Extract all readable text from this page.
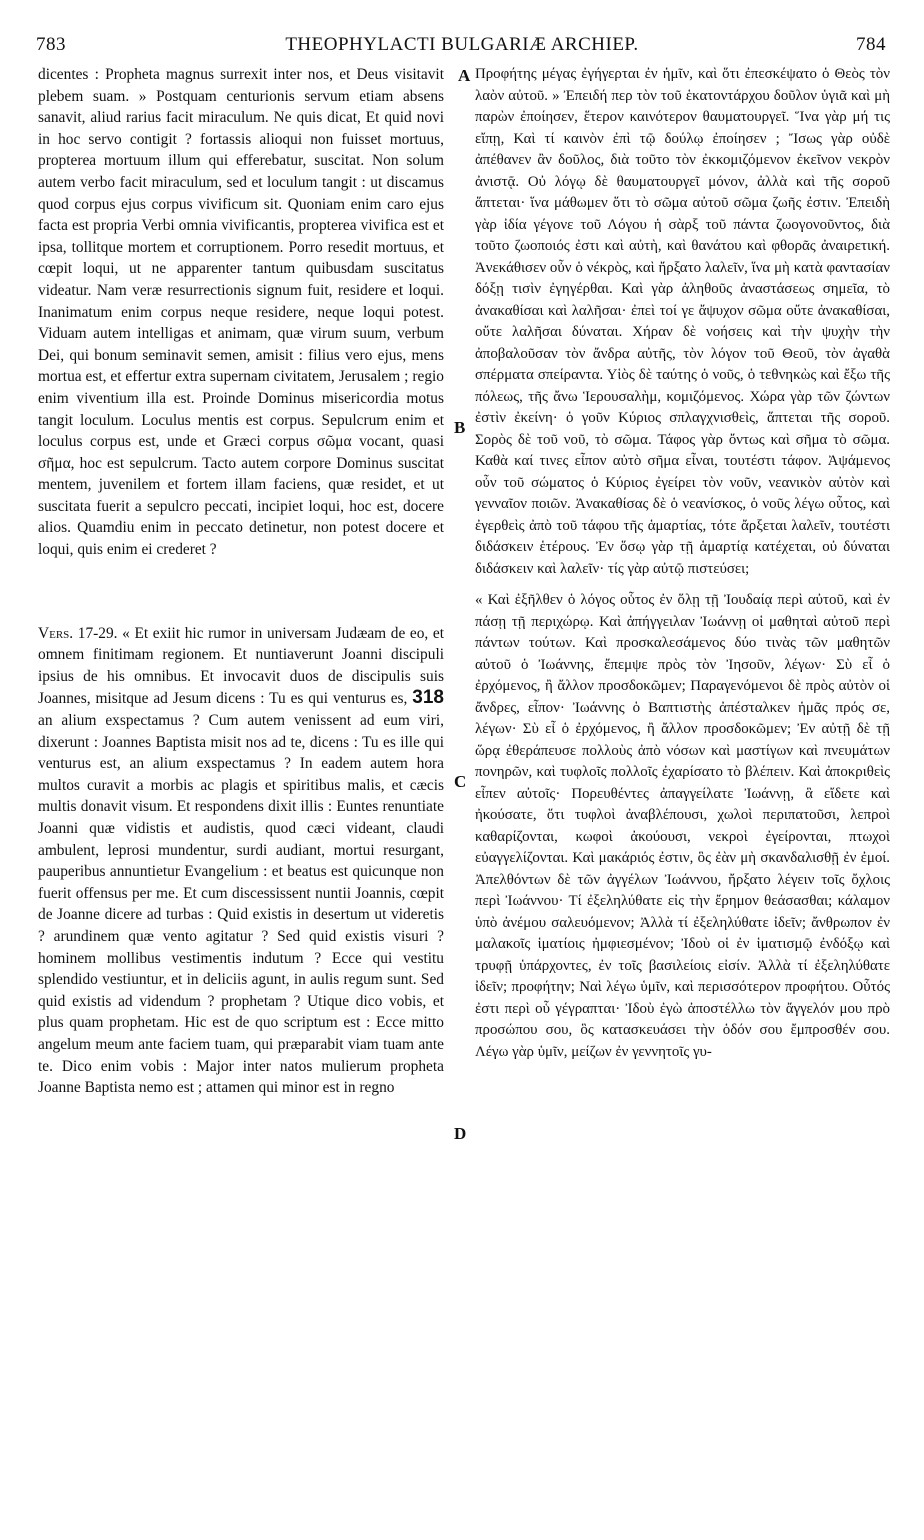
783	THEOPHYLACTI BULGARIÆ ARCHIEP.	784

dicentes : Propheta magnus surrexit inter nos, et Deus visitavit plebem suam. » Postquam centurionis servum etiam absens sanavit, aliud rarius facit miraculum. Ne quis dicat, Et quid novi in hoc servo contigit ? fortassis alioqui non fuisset mortuus, propterea mortuum illum qui efferebatur, suscitat. Non solum autem verbo facit miraculum, sed et loculum tangit : ut discamus quod corpus ejus corpus vivificum sit. Quoniam enim caro ejus facta est propria Verbi omnia vivificantis, propterea vivifica est et ipsa, tollitque mortem et corruptionem. Porro resedit mortuus, et cœpit loqui, ut ne apparenter tantum quibusdam suscitatus videatur. Nam veræ resurrectionis signum fuit, residere et loqui. Inanimatum enim corpus neque residere, neque loqui potest. Viduam autem intelligas et animam, quæ virum suum, verbum Dei, qui bonum seminavit semen, amisit : filius vero ejus, mens mortua est, et effertur extra supernam civitatem, Jerusalem ; regio enim viventium illa est. Proinde Dominus misericordia motus tangit loculum. Loculus mentis est corpus. Sepulcrum enim et loculus corpus est, unde et Græci corpus σῶμα vocant, quasi σῆμα, hoc est sepulcrum. Tacto autem corpore Dominus suscitat mentem, juvenilem et fortem illam faciens, quæ residet, et ut suscitata fuerit a sepulcro peccati, incipiet loqui, hoc est, docere alios. Quamdiu enim in peccato detinetur, non potest docere et loqui, quis enim ei crederet ?

Vers. 17-29. « Et exiit hic rumor in universam Judæam de eo, et omnem finitimam regionem. Et nuntiaverunt Joanni discipuli ipsius de his omnibus. Et invocavit duos de discipulis suis Joannes, misitque ad Jesum dicens : Tu es qui venturus es, 318 an alium exspectamus ? Cum autem venissent ad eum viri, dixerunt : Joannes Baptista misit nos ad te, dicens : Tu es ille qui venturus est, an alium exspectamus ? In eadem autem hora multos curavit a morbis ac plagis et spiritibus malis, et cæcis multis donavit visum. Et respondens dixit illis : Euntes renuntiate Joanni quæ vidistis et audistis, quod cæci videant, claudi ambulent, leprosi mundentur, surdi audiant, mortui resurgant, pauperibus annuntietur Evangelium : et beatus est quicunque non fuerit offensus per me. Et cum discessissent nuntii Joannis, cœpit de Joanne dicere ad turbas : Quid existis in desertum ut videretis ? arundinem quæ vento agitatur ? Sed quid existis visuri ? hominem mollibus vestimentis indutum ? Ecce qui vestitu splendido vestiuntur, et in deliciis agunt, in aulis regum sunt. Sed quid existis ad videndum ? prophetam ? Utique dico vobis, et plus quam prophetam. Hic est de quo scriptum est : Ecce mitto angelum meum ante faciem tuam, qui præparabit viam tuam ante te. Dico enim vobis : Major inter natos mulierum propheta Joanne Baptista nemo est ; attamen qui minor est in regno

A
B
C
D

Προφήτης μέγας ἐγήγερται ἐν ἡμῖν, καὶ ὅτι ἐπεσκέψατο ὁ Θεὸς τὸν λαὸν αὐτοῦ. » Ἐπειδή περ τὸν τοῦ ἑκατοντάρχου δοῦλον ὑγιᾶ καὶ μὴ παρὼν ἐποίησεν, ἕτερον καινότερον θαυματουργεῖ. Ἵνα γὰρ μή τις εἴπῃ, Καὶ τί καινὸν ἐπὶ τῷ δούλῳ ἐποίησεν ; Ἴσως γὰρ οὐδὲ ἀπέθανεν ἂν δοῦλος, διὰ τοῦτο τὸν ἐκκομιζόμενον ἐκεῖνον νεκρὸν ἀνιστᾷ. Οὐ λόγῳ δὲ θαυματουργεῖ μόνον, ἀλλὰ καὶ τῆς σοροῦ ἅπτεται· ἵνα μάθωμεν ὅτι τὸ σῶμα αὐτοῦ σῶμα ζωῆς ἐστιν. Ἐπειδὴ γὰρ ἰδία γέγονε τοῦ Λόγου ἡ σὰρξ τοῦ πάντα ζωογονοῦντος, διὰ τοῦτο ζωοποιός ἐστι καὶ αὐτὴ, καὶ θανάτου καὶ φθορᾶς ἀναιρετική. Ἀνεκάθισεν οὖν ὁ νέκρὸς, καὶ ἤρξατο λαλεῖν, ἵνα μὴ κατὰ φαντασίαν δόξῃ τισὶν ἐγηγέρθαι. Καὶ γὰρ ἀληθοῦς ἀναστάσεως σημεῖα, τὸ ἀνακαθίσαι καὶ λαλῆσαι· ἐπεὶ τοί γε ἄψυχον σῶμα οὔτε ἀνακαθίσαι, οὔτε λαλῆσαι δύναται. Χήραν δὲ νοήσεις καὶ τὴν ψυχὴν τὴν ἀποβαλοῦσαν τὸν ἄνδρα αὐτῆς, τὸν λόγον τοῦ Θεοῦ, τὸν ἀγαθὰ σπέρματα σπείραντα. Υἱὸς δὲ ταύτης ὁ νοῦς, ὁ τεθνηκὼς καὶ ἔξω τῆς πόλεως, τῆς ἄνω Ἱερουσαλὴμ, κομιζόμενος. Χώρα γὰρ τῶν ζώντων ἐστὶν ἐκείνη· ὁ γοῦν Κύριος σπλαγχνισθεὶς, ἅπτεται τῆς σοροῦ. Σορὸς δὲ τοῦ νοῦ, τὸ σῶμα. Τάφος γὰρ ὄντως καὶ σῆμα τὸ σῶμα. Καθὰ καί τινες εἶπον αὐτὸ σῆμα εἶναι, τουτέστι τάφον. Ἀψάμενος οὖν τοῦ σώματος ὁ Κύριος ἐγείρει τὸν νοῦν, νεανικὸν αὐτὸν καὶ γενναῖον ποιῶν. Ἀνακαθίσας δὲ ὁ νεανίσκος, ὁ νοῦς λέγω οὗτος, καὶ ἐγερθεὶς ἀπὸ τοῦ τάφου τῆς ἁμαρτίας, τότε ἄρξεται λαλεῖν, τουτέστι διδάσκειν ἑτέρους. Ἐν ὅσῳ γὰρ τῇ ἁμαρτίᾳ κατέχεται, οὐ δύναται διδάσκειν καὶ λαλεῖν· τίς γὰρ αὐτῷ πιστεύσει;

« Καὶ ἐξῆλθεν ὁ λόγος οὗτος ἐν ὅλῃ τῇ Ἰουδαίᾳ περὶ αὐτοῦ, καὶ ἐν πάσῃ τῇ περιχώρῳ. Καὶ ἀπήγγειλαν Ἰωάννῃ οἱ μαθηταὶ αὐτοῦ περὶ πάντων τούτων. Καὶ προσκαλεσάμενος δύο τινὰς τῶν μαθητῶν αὐτοῦ ὁ Ἰωάννης, ἔπεμψε πρὸς τὸν Ἰησοῦν, λέγων· Σὺ εἶ ὁ ἐρχόμενος, ἢ ἄλλον προσδοκῶμεν; Παραγενόμενοι δὲ πρὸς αὐτὸν οἱ ἄνδρες, εἶπον· Ἰωάννης ὁ Βαπτιστὴς ἀπέσταλκεν ἡμᾶς πρός σε, λέγων· Σὺ εἶ ὁ ἐρχόμενος, ἢ ἄλλον προσδοκῶμεν; Ἐν αὐτῇ δὲ τῇ ὥρᾳ ἐθεράπευσε πολλοὺς ἀπὸ νόσων καὶ μαστίγων καὶ πνευμάτων πονηρῶν, καὶ τυφλοῖς πολλοῖς ἐχαρίσατο τὸ βλέπειν. Καὶ ἀποκριθεὶς εἶπεν αὐτοῖς· Πορευθέντες ἀπαγγείλατε Ἰωάννῃ, ἃ εἴδετε καὶ ἠκούσατε, ὅτι τυφλοὶ ἀναβλέπουσι, χωλοὶ περιπατοῦσι, λεπροὶ καθαρίζονται, κωφοὶ ἀκούουσι, νεκροὶ ἐγείρονται, πτωχοὶ εὐαγγελίζονται. Καὶ μακάριός ἐστιν, ὃς ἐὰν μὴ σκανδαλισθῇ ἐν ἐμοί. Ἀπελθόντων δὲ τῶν ἀγγέλων Ἰωάννου, ἤρξατο λέγειν τοῖς ὄχλοις περὶ Ἰωάννου· Τί ἐξεληλύθατε εἰς τὴν ἔρημον θεάσασθαι; κάλαμον ὑπὸ ἀνέμου σαλευόμενον; Ἀλλὰ τί ἐξεληλύθατε ἰδεῖν; ἄνθρωπον ἐν μαλακοῖς ἱματίοις ἠμφιεσμένον; Ἰδοὺ οἱ ἐν ἱματισμῷ ἐνδόξῳ καὶ τρυφῇ ὑπάρχοντες, ἐν τοῖς βασιλείοις εἰσίν. Ἀλλὰ τί ἐξεληλύθατε ἰδεῖν; προφήτην; Ναὶ λέγω ὑμῖν, καὶ περισσότερον προφήτου. Οὗτός ἐστι περὶ οὗ γέγραπται· Ἰδοὺ ἐγὼ ἀποστέλλω τὸν ἄγγελόν μου πρὸ προσώπου σου, ὃς κατασκευάσει τὴν ὁδόν σου ἔμπροσθέν σου. Λέγω γὰρ ὑμῖν, μείζων ἐν γεννητοῖς γυ-
